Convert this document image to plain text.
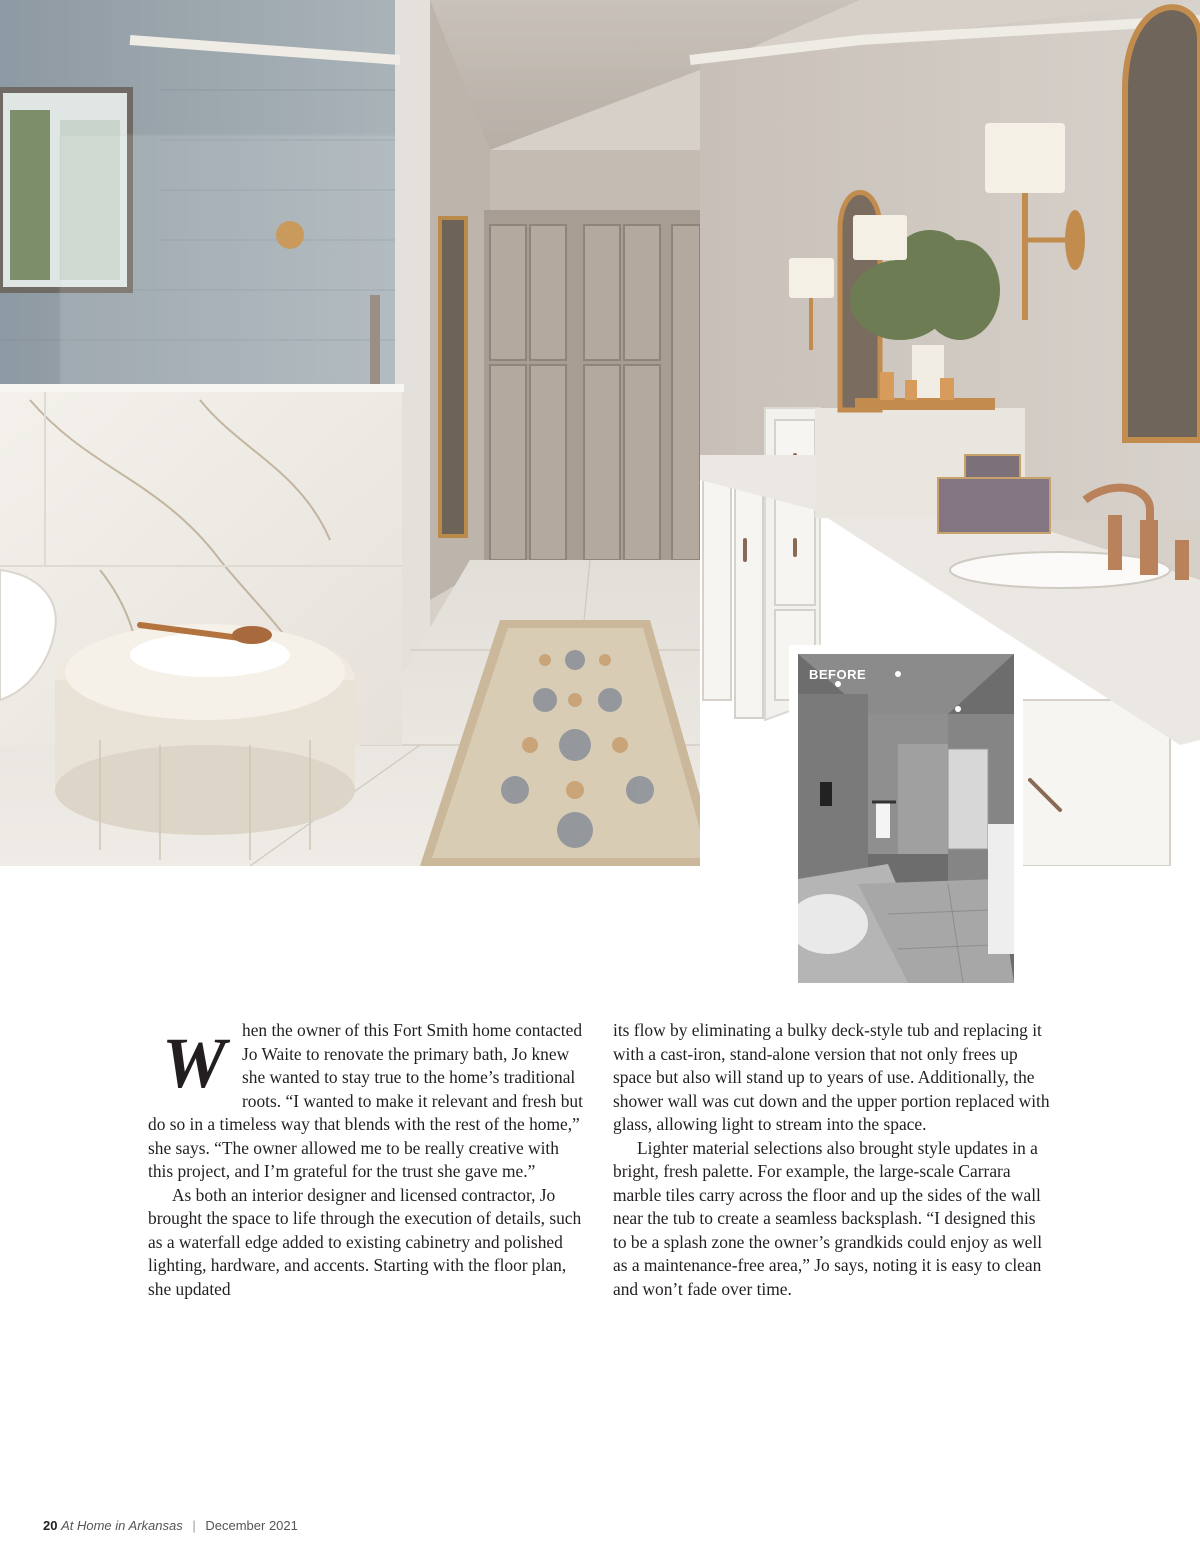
BEFORE
W hen the owner of this Fort Smith home contacted Jo Waite to renovate the primary bath, Jo knew she wanted to stay true to the home’s traditional roots. “I wanted to make it relevant and fresh but do so in a timeless way that blends with the rest of the home,” she says. “The owner allowed me to be really creative with this project, and I’m grateful for the trust she gave me.”

As both an interior designer and licensed contractor, Jo brought the space to life through the execution of details, such as a waterfall edge added to existing cabinetry and polished lighting, hardware, and accents. Starting with the floor plan, she updated

its flow by eliminating a bulky deck-style tub and replacing it with a cast-iron, stand-alone version that not only frees up space but also will stand up to years of use. Additionally, the shower wall was cut down and the upper portion replaced with glass, allowing light to stream into the space.

Lighter material selections also brought style updates in a bright, fresh palette. For example, the large-scale Carrara marble tiles carry across the floor and up the sides of the wall near the tub to create a seamless backsplash. “I designed this to be a splash zone the owner’s grandkids could enjoy as well as a maintenance-free area,” Jo says, noting it is easy to clean and won’t fade over time.

20 At Home in Arkansas | December 2021
